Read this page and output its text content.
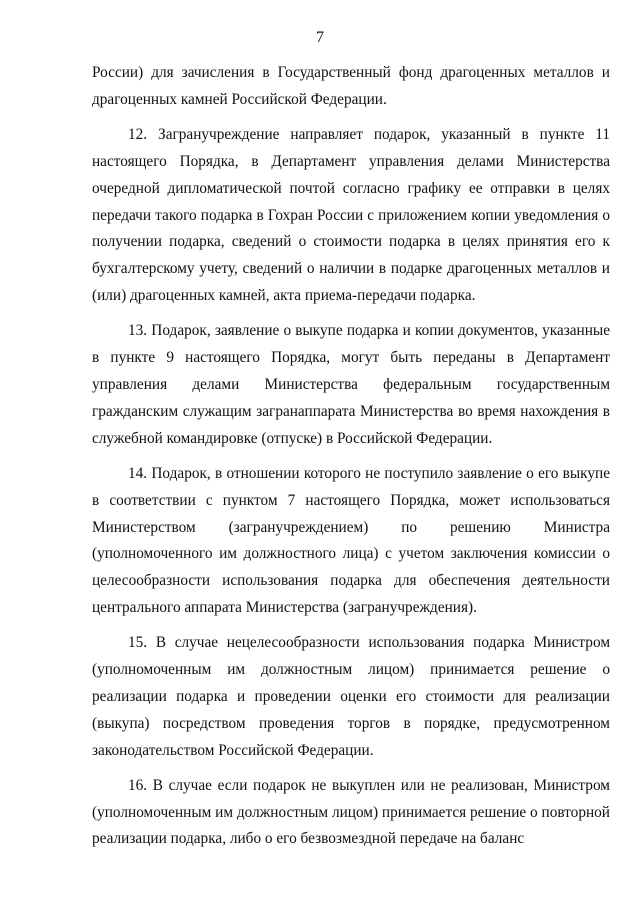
7

России) для зачисления в Государственный фонд драгоценных металлов и драгоценных камней Российской Федерации.

12. Загранучреждение направляет подарок, указанный в пункте 11 настоящего Порядка, в Департамент управления делами Министерства очередной дипломатической почтой согласно графику ее отправки в целях передачи такого подарка в Гохран России с приложением копии уведомления о получении подарка, сведений о стоимости подарка в целях принятия его к бухгалтерскому учету, сведений о наличии в подарке драгоценных металлов и (или) драгоценных камней, акта приема-передачи подарка.

13. Подарок, заявление о выкупе подарка и копии документов, указанные в пункте 9 настоящего Порядка, могут быть переданы в Департамент управления делами Министерства федеральным государственным гражданским служащим загранаппарата Министерства во время нахождения в служебной командировке (отпуске) в Российской Федерации.

14. Подарок, в отношении которого не поступило заявление о его выкупе в соответствии с пунктом 7 настоящего Порядка, может использоваться Министерством (загранучреждением) по решению Министра (уполномоченного им должностного лица) с учетом заключения комиссии о целесообразности использования подарка для обеспечения деятельности центрального аппарата Министерства (загранучреждения).

15. В случае нецелесообразности использования подарка Министром (уполномоченным им должностным лицом) принимается решение о реализации подарка и проведении оценки его стоимости для реализации (выкупа) посредством проведения торгов в порядке, предусмотренном законодательством Российской Федерации.

16. В случае если подарок не выкуплен или не реализован, Министром (уполномоченным им должностным лицом) принимается решение о повторной реализации подарка, либо о его безвозмездной передаче на баланс
